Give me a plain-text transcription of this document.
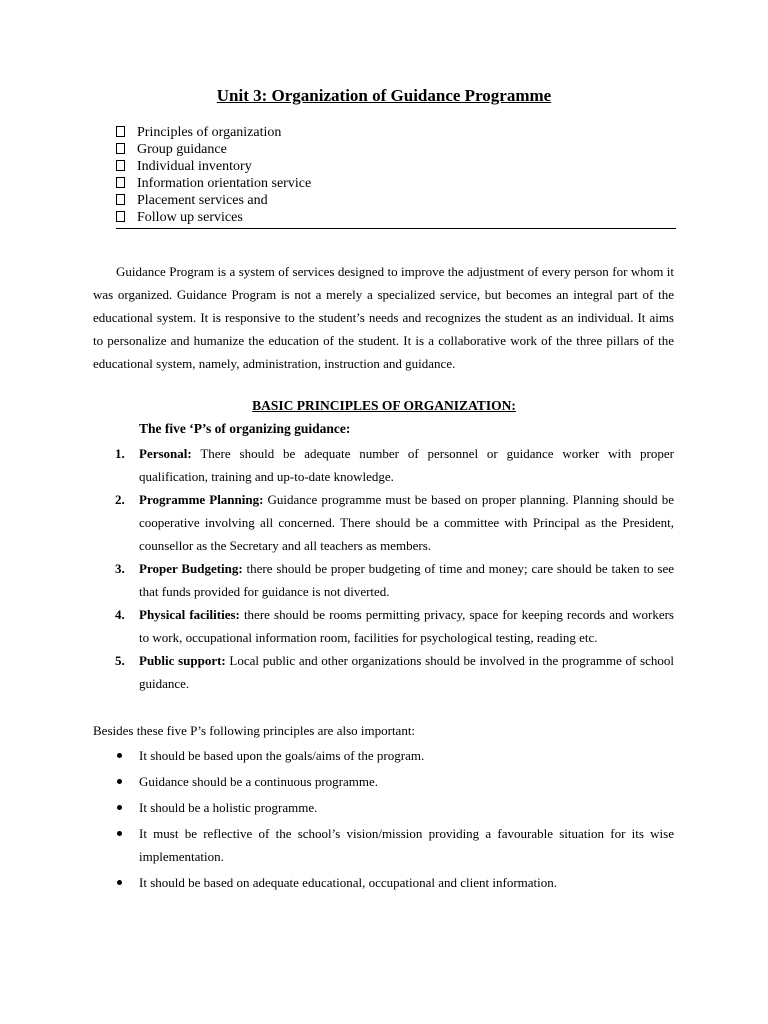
Unit 3: Organization of Guidance Programme
Principles of organization
Group guidance
Individual inventory
Information orientation service
Placement services and
Follow up services

Guidance Program is a system of services designed to improve the adjustment of every person for whom it was organized. Guidance Program is not a merely a specialized service, but becomes an integral part of the educational system. It is responsive to the student’s needs and recognizes the student as an individual. It aims to personalize and humanize the education of the student. It is a collaborative work of the three pillars of the educational system, namely, administration, instruction and guidance.

BASIC PRINCIPLES OF ORGANIZATION:
The five ‘P’s of organizing guidance:
1. Personal: There should be adequate number of personnel or guidance worker with proper qualification, training and up-to-date knowledge.
2. Programme Planning: Guidance programme must be based on proper planning. Planning should be cooperative involving all concerned. There should be a committee with Principal as the President, counsellor as the Secretary and all teachers as members.
3. Proper Budgeting: there should be proper budgeting of time and money; care should be taken to see that funds provided for guidance is not diverted.
4. Physical facilities: there should be rooms permitting privacy, space for keeping records and workers to work, occupational information room, facilities for psychological testing, reading etc.
5. Public support: Local public and other organizations should be involved in the programme of school guidance.
Besides these five P’s following principles are also important:
It should be based upon the goals/aims of the program.
Guidance should be a continuous programme.
It should be a holistic programme.
It must be reflective of the school’s vision/mission providing a favourable situation for its wise implementation.
It should be based on adequate educational, occupational and client information.
